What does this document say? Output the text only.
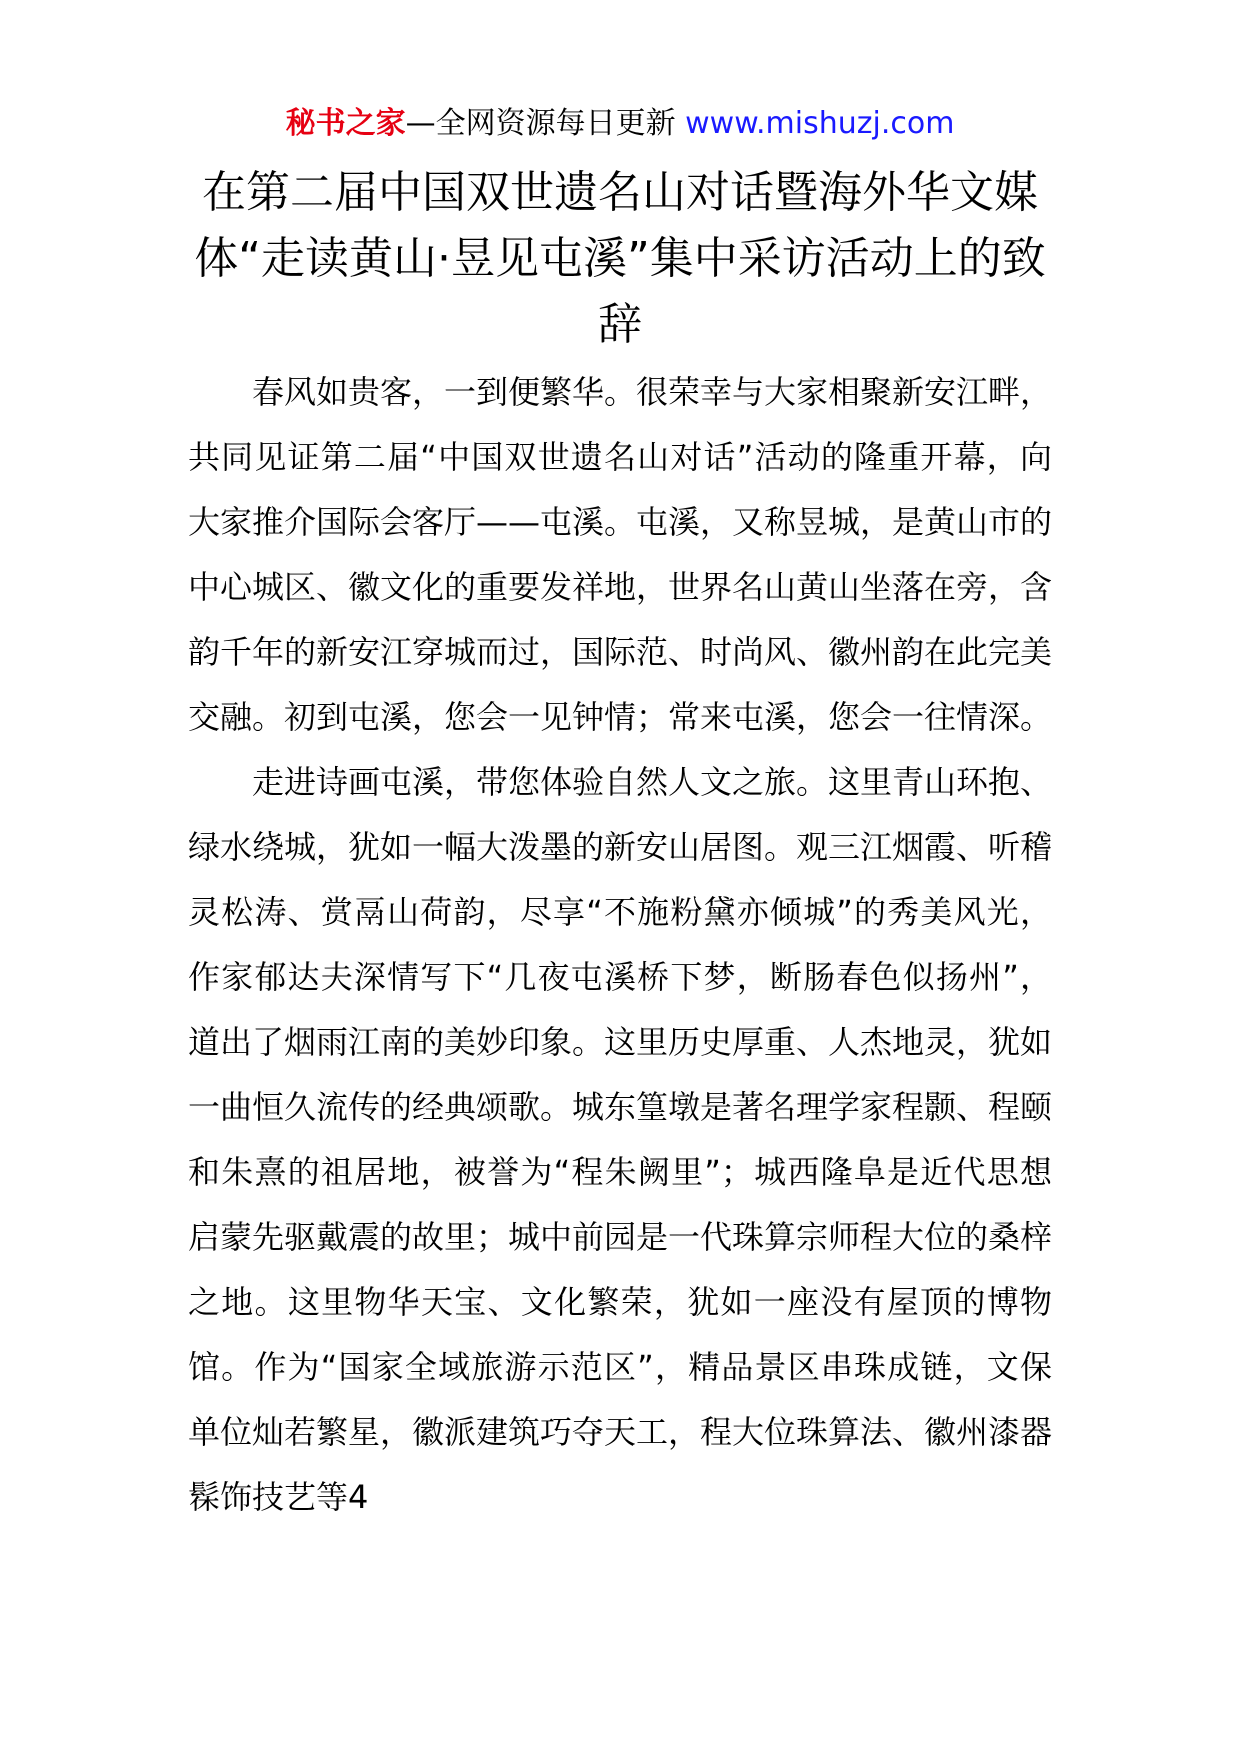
秘书之家—全网资源每日更新 www.mishuzj.com
在第二届中国双世遗名山对话暨海外华文媒体“走读黄山·昱见屯溪”集中采访活动上的致辞

春风如贵客，一到便繁华。很荣幸与大家相聚新安江畔，共同见证第二届“中国双世遗名山对话”活动的隆重开幕，向大家推介国际会客厅——屯溪。屯溪，又称昱城，是黄山市的中心城区、徽文化的重要发祥地，世界名山黄山坐落在旁，含韵千年的新安江穿城而过，国际范、时尚风、徽州韵在此完美交融。初到屯溪，您会一见钟情；常来屯溪，您会一往情深。

走进诗画屯溪，带您体验自然人文之旅。这里青山环抱、绿水绕城，犹如一幅大泼墨的新安山居图。观三江烟霞、听稽灵松涛、赏鬲山荷韵，尽享“不施粉黛亦倾城”的秀美风光，作家郁达夫深情写下“几夜屯溪桥下梦，断肠春色似扬州”，道出了烟雨江南的美妙印象。这里历史厚重、人杰地灵，犹如一曲恒久流传的经典颂歌。城东篁墩是著名理学家程颢、程颐和朱熹的祖居地，被誉为“程朱阙里”；城西隆阜是近代思想启蒙先驱戴震的故里；城中前园是一代珠算宗师程大位的桑梓之地。这里物华天宝、文化繁荣，犹如一座没有屋顶的博物馆。作为“国家全域旅游示范区”，精品景区串珠成链，文保单位灿若繁星，徽派建筑巧夺天工，程大位珠算法、徽州漆器髹饰技艺等4
